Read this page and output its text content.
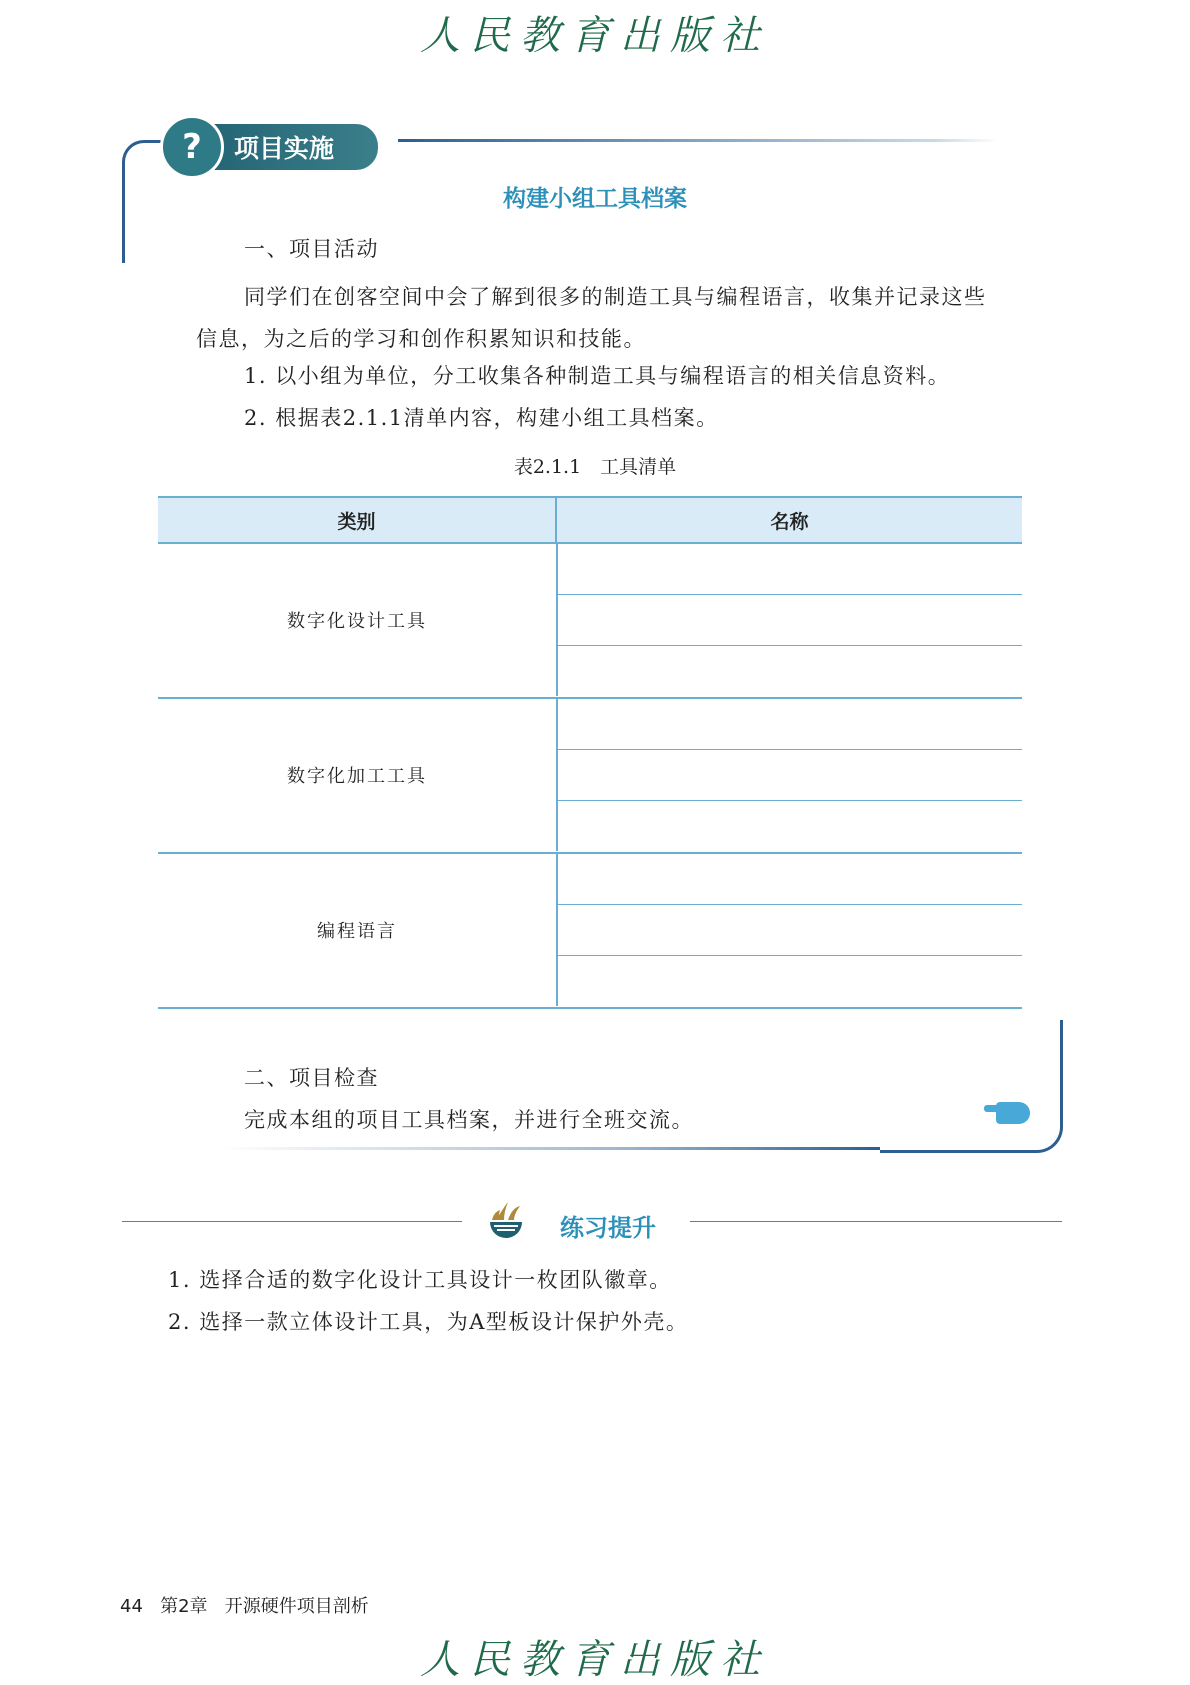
人民教育出版社
?	项目实施
构建小组工具档案
一、项目活动
同学们在创客空间中会了解到很多的制造工具与编程语言，收集并记录这些信息，为之后的学习和创作积累知识和技能。
1. 以小组为单位，分工收集各种制造工具与编程语言的相关信息资料。
2. 根据表2.1.1清单内容，构建小组工具档案。
表2.1.1　工具清单
类别	名称
数字化设计工具
数字化加工工具
编程语言
二、项目检查
完成本组的项目工具档案，并进行全班交流。
练习提升
1. 选择合适的数字化设计工具设计一枚团队徽章。
2. 选择一款立体设计工具，为A型板设计保护外壳。
44 第2章 开源硬件项目剖析
人民教育出版社
